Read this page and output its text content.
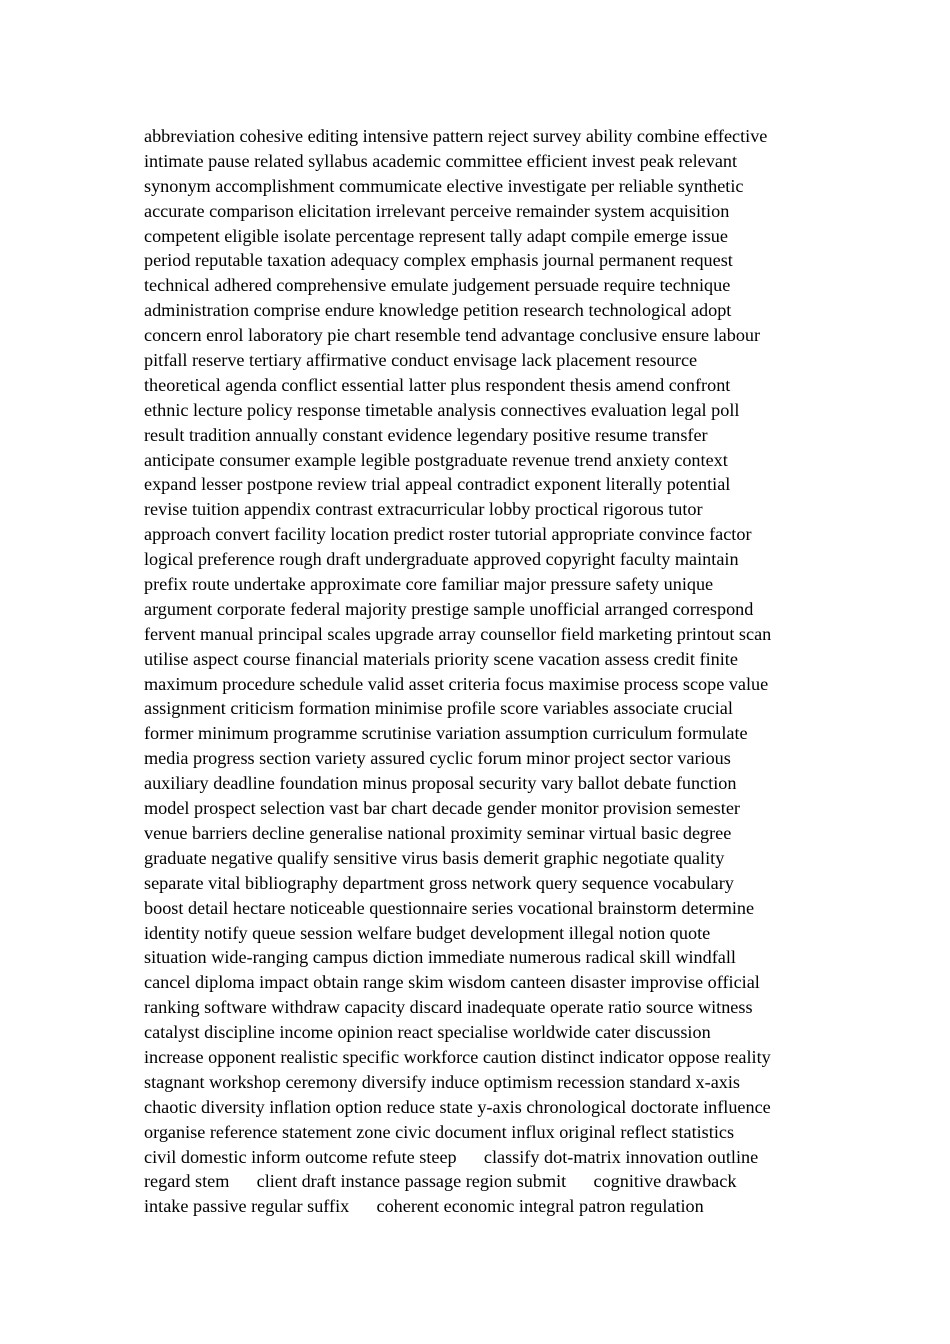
abbreviation cohesive editing intensive pattern reject survey ability combine effective
intimate pause related syllabus academic committee efficient invest peak relevant
synonym accomplishment commumicate elective investigate per reliable synthetic
accurate comparison elicitation irrelevant perceive remainder system acquisition
competent eligible isolate percentage represent tally adapt compile emerge issue
period reputable taxation adequacy complex emphasis journal permanent request
technical adhered comprehensive emulate judgement persuade require technique
administration comprise endure knowledge petition research technological adopt
concern enrol laboratory pie chart resemble tend advantage conclusive ensure labour
pitfall reserve tertiary affirmative conduct envisage lack placement resource
theoretical agenda conflict essential latter plus respondent thesis amend confront
ethnic lecture policy response timetable analysis connectives evaluation legal poll
result tradition annually constant evidence legendary positive resume transfer
anticipate consumer example legible postgraduate revenue trend anxiety context
expand lesser postpone review trial appeal contradict exponent literally potential
revise tuition appendix contrast extracurricular lobby proctical rigorous tutor
approach convert facility location predict roster tutorial appropriate convince factor
logical preference rough draft undergraduate approved copyright faculty maintain
prefix route undertake approximate core familiar major pressure safety unique
argument corporate federal majority prestige sample unofficial arranged correspond
fervent manual principal scales upgrade array counsellor field marketing printout scan
utilise aspect course financial materials priority scene vacation assess credit finite
maximum procedure schedule valid asset criteria focus maximise process scope value
assignment criticism formation minimise profile score variables associate crucial
former minimum programme scrutinise variation assumption curriculum formulate
media progress section variety assured cyclic forum minor project sector various
auxiliary deadline foundation minus proposal security vary ballot debate function
model prospect selection vast bar chart decade gender monitor provision semester
venue barriers decline generalise national proximity seminar virtual basic degree
graduate negative qualify sensitive virus basis demerit graphic negotiate quality
separate vital bibliography department gross network query sequence vocabulary
boost detail hectare noticeable questionnaire series vocational brainstorm determine
identity notify queue session welfare budget development illegal notion quote
situation wide-ranging campus diction immediate numerous radical skill windfall
cancel diploma impact obtain range skim wisdom canteen disaster improvise official
ranking software withdraw capacity discard inadequate operate ratio source witness
catalyst discipline income opinion react specialise worldwide cater discussion
increase opponent realistic specific workforce caution distinct indicator oppose reality
stagnant workshop ceremony diversify induce optimism recession standard x-axis
chaotic diversity inflation option reduce state y-axis chronological doctorate influence
organise reference statement zone civic document influx original reflect statistics
civil domestic inform outcome refute steep      classify dot-matrix innovation outline
regard stem      client draft instance passage region submit      cognitive drawback
intake passive regular suffix      coherent economic integral patron regulation
